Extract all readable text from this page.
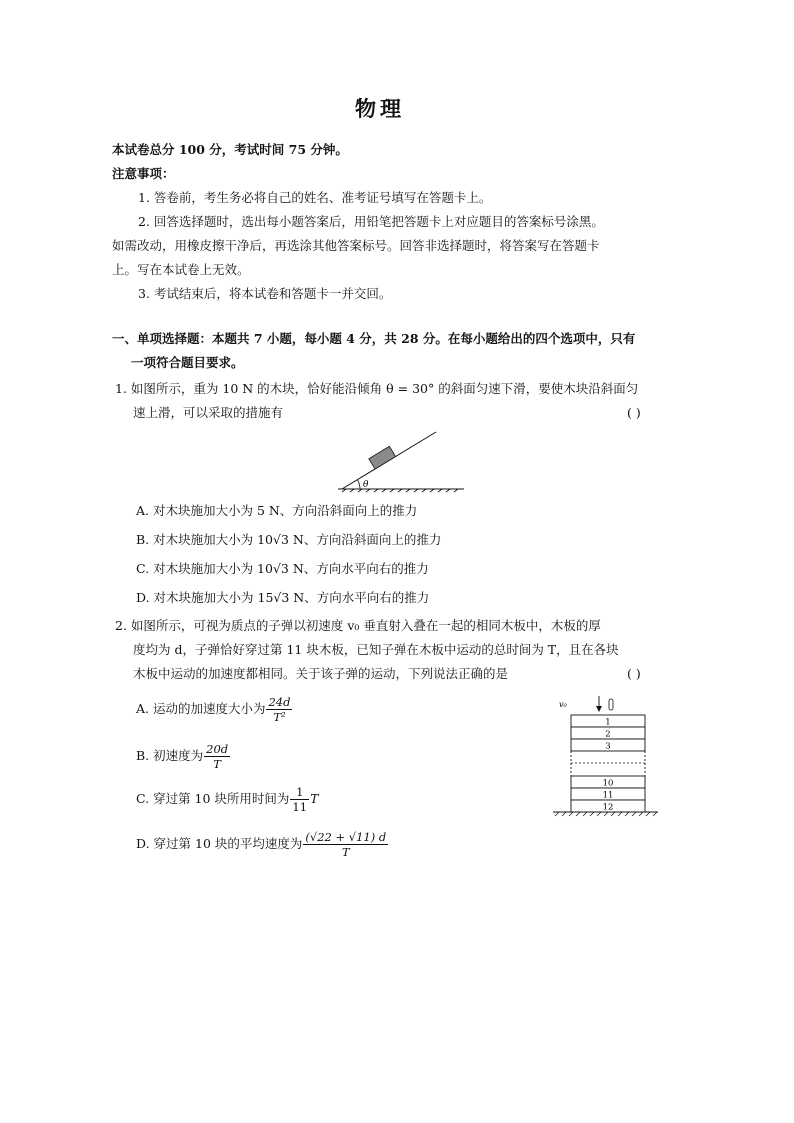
物理
本试卷总分 100 分，考试时间 75 分钟。
注意事项：
1. 答卷前，考生务必将自己的姓名、准考证号填写在答题卡上。
2. 回答选择题时，选出每小题答案后，用铅笔把答题卡上对应题目的答案标号涂黑。
如需改动，用橡皮擦干净后，再选涂其他答案标号。回答非选择题时，将答案写在答题卡
上。写在本试卷上无效。
3. 考试结束后，将本试卷和答题卡一并交回。
一、单项选择题：本题共 7 小题，每小题 4 分，共 28 分。在每小题给出的四个选项中，只有
一项符合题目要求。
1. 如图所示，重为 10 N 的木块，恰好能沿倾角 θ = 30° 的斜面匀速下滑，要使木块沿斜面匀
速上滑，可以采取的措施有	( )
θ
A. 对木块施加大小为 5 N、方向沿斜面向上的推力
B. 对木块施加大小为 10√3 N、方向沿斜面向上的推力
C. 对木块施加大小为 10√3 N、方向水平向右的推力
D. 对木块施加大小为 15√3 N、方向水平向右的推力
2. 如图所示，可视为质点的子弹以初速度 v₀ 垂直射入叠在一起的相同木板中，木板的厚
度均为 d，子弹恰好穿过第 11 块木板，已知子弹在木板中运动的总时间为 T，且在各块
木板中运动的加速度都相同。关于该子弹的运动，下列说法正确的是	( )
v₀
1
2
3
10
11
12
A. 运动的加速度大小为 $\frac{24d}{\text{T²}}$
B. 初速度为 $\frac{20d}{T}$
C. 穿过第 10 块所用时间为 $\frac{1}{11}$ T
D. 穿过第 10 块的平均速度为 $\frac{(√22 + √11) d}{T}$
